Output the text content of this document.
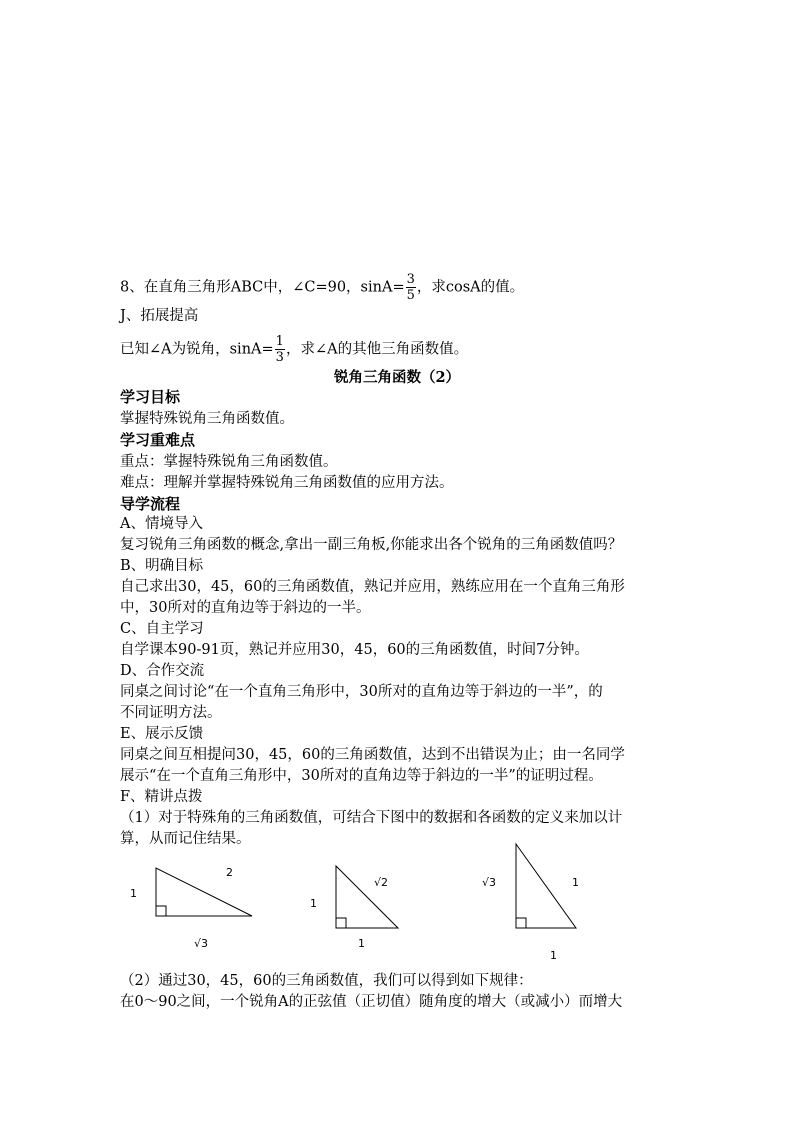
8、在直角三角形ABC中，∠C=90，$\sin A= \frac{3}{5}$ ，求cosA的值。
J、拓展提高
已知∠A为锐角，$\sin A= \frac{1}{3}$ ，求∠A的其他三角函数值。
锐角三角函数（2）
学习目标
掌握特殊锐角三角函数值。
学习重难点
重点：掌握特殊锐角三角函数值。
难点：理解并掌握特殊锐角三角函数值的应用方法。
导学流程
A、情境导入
复习锐角三角函数的概念,拿出一副三角板,你能求出各个锐角的三角函数值吗？
B、明确目标
自己求出30，45，60的三角函数值，熟记并应用，熟练应用在一个直角三角形
中，30所对的直角边等于斜边的一半。
C、自主学习
自学课本90-91页，熟记并应用30，45，60的三角函数值，时间7分钟。
D、合作交流
同桌之间讨论“在一个直角三角形中，30所对的直角边等于斜边的一半”，的
不同证明方法。
E、展示反馈
同桌之间互相提问30，45，60的三角函数值，达到不出错误为止；由一名同学
展示“在一个直角三角形中，30所对的直角边等于斜边的一半”的证明过程。
F、精讲点拨
（1）对于特殊角的三角函数值，可结合下图中的数据和各函数的定义来加以计
算，从而记住结果。
1
2
√3
1
√2
1
√3	1
1
（2）通过30，45，60的三角函数值，我们可以得到如下规律：
在0～90之间，一个锐角A的正弦值（正切值）随角度的增大（或减小）而增大
